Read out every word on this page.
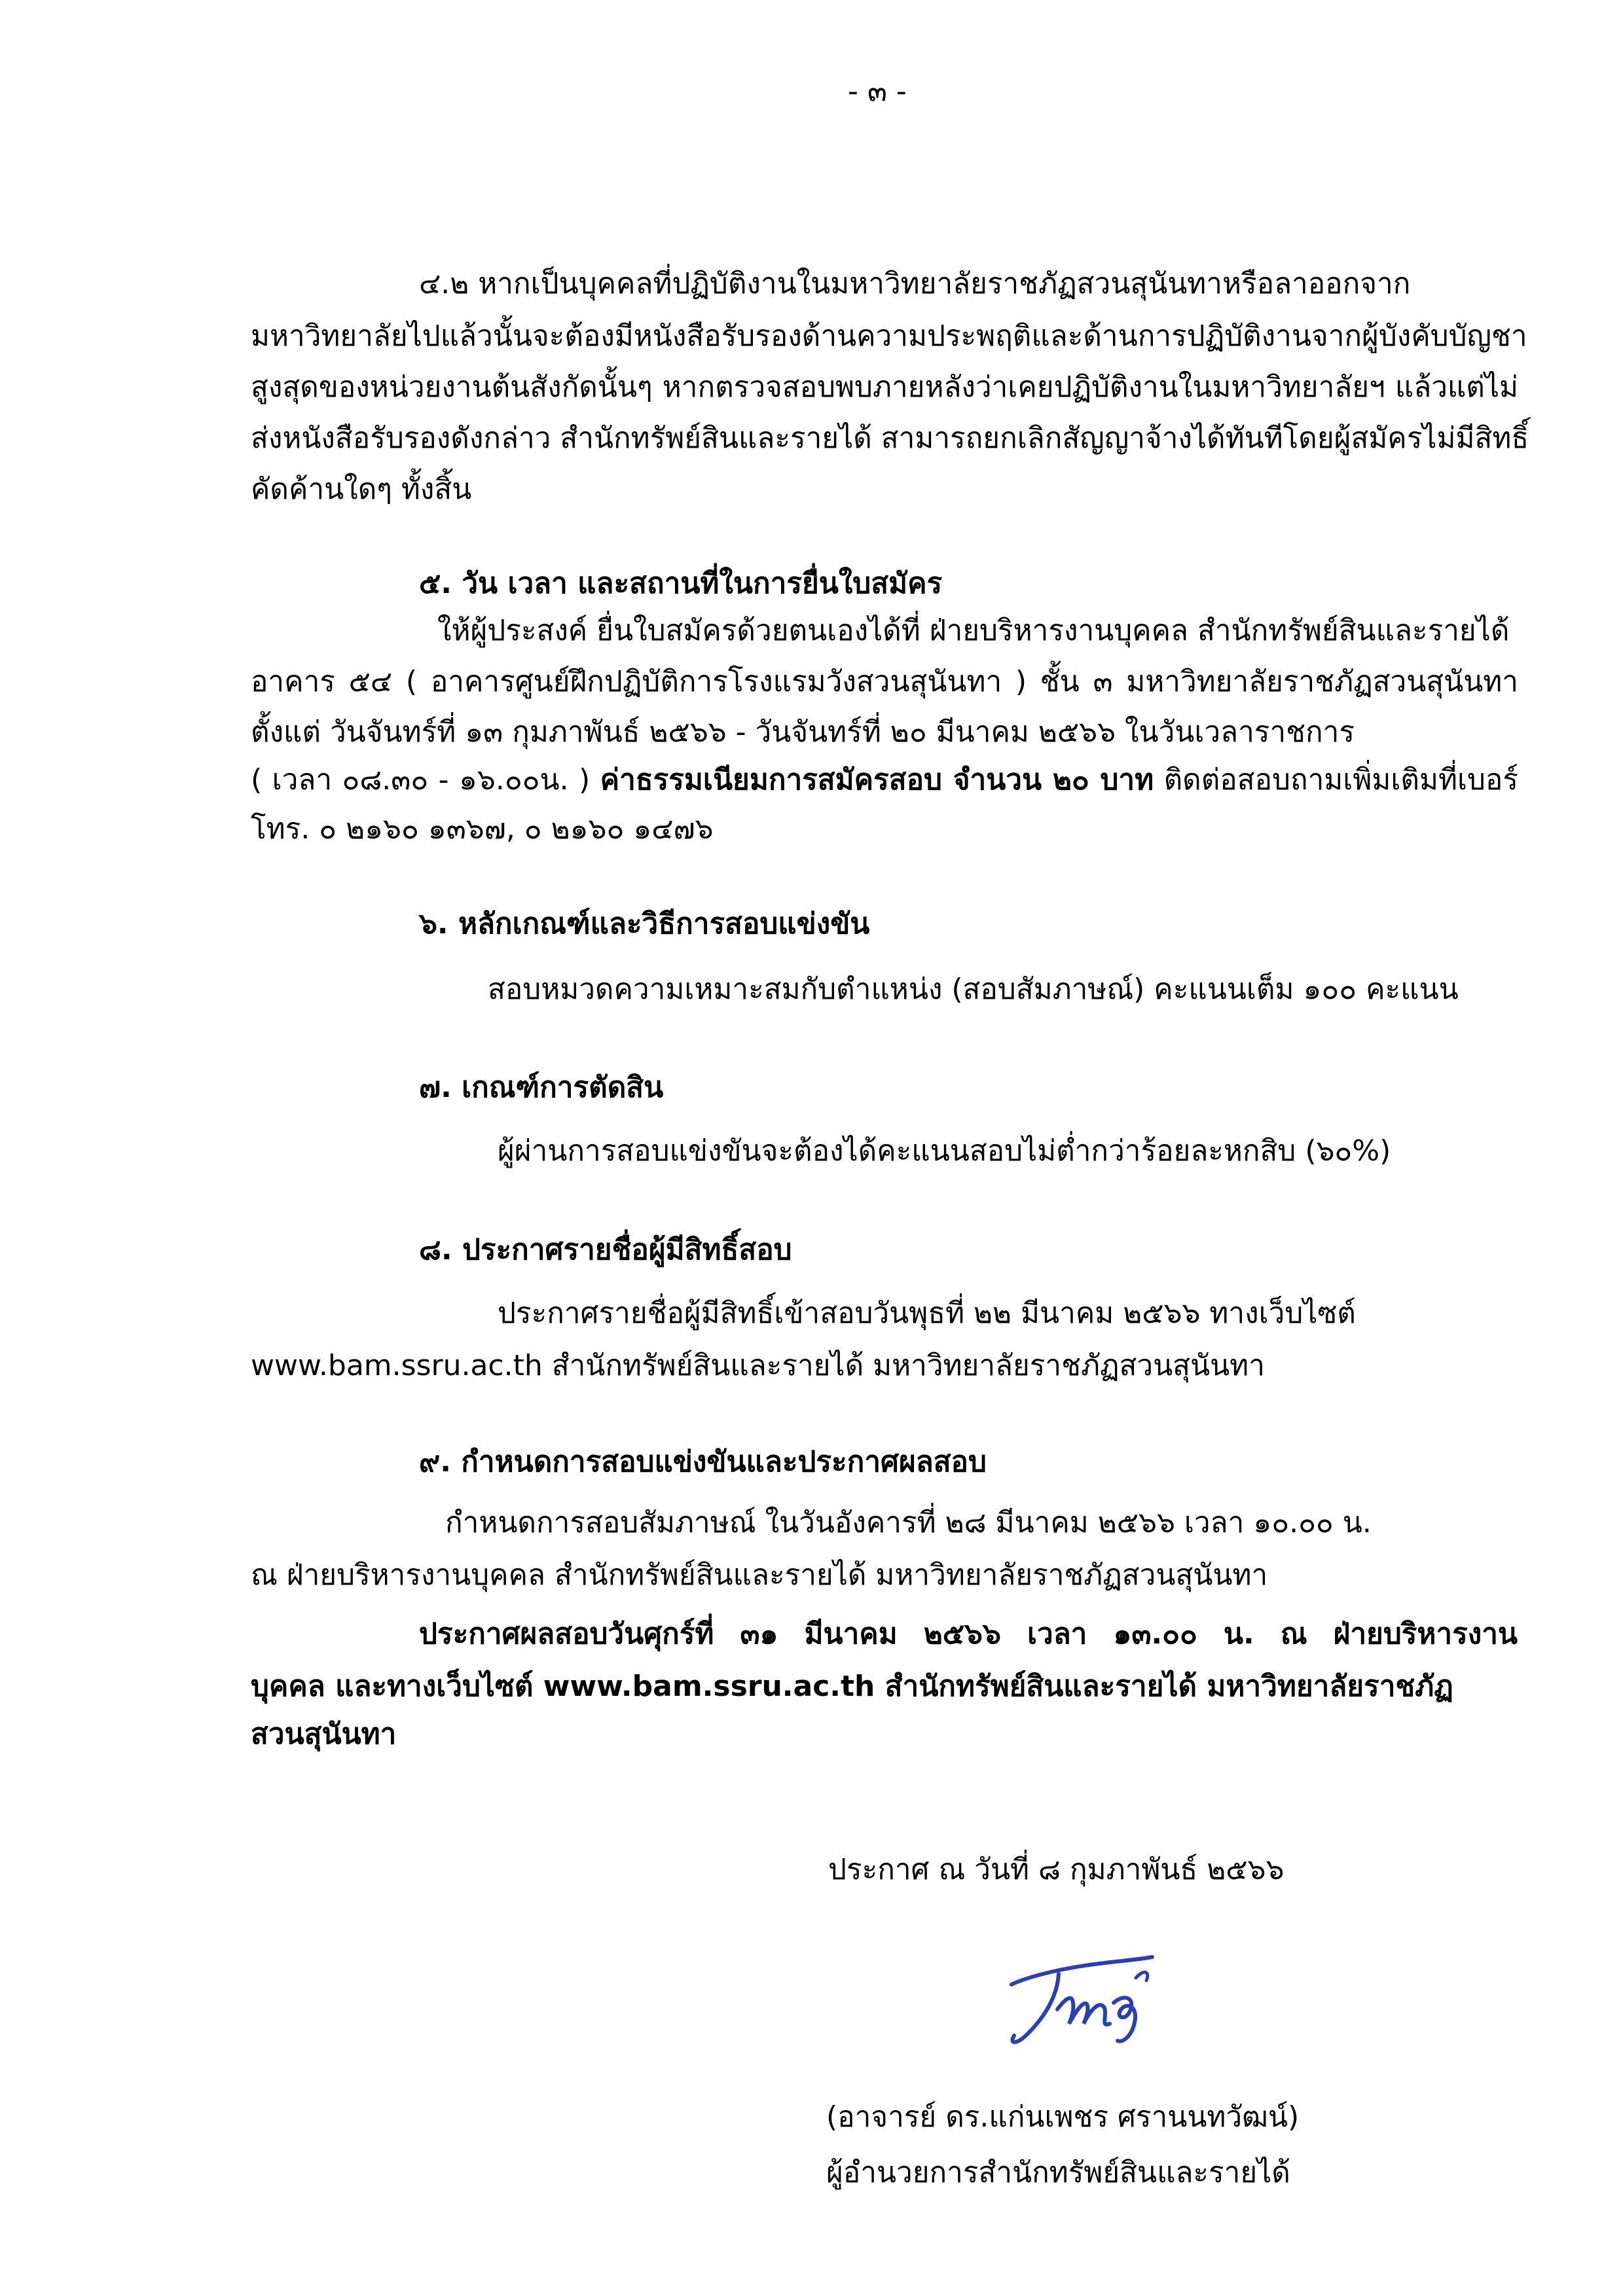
- ๓ -

๔.๒ หากเป็นบุคคลที่ปฏิบัติงานในมหาวิทยาลัยราชภัฏสวนสุนันทาหรือลาออกจาก

มหาวิทยาลัยไปแล้วนั้นจะต้องมีหนังสือรับรองด้านความประพฤติและด้านการปฏิบัติงานจากผู้บังคับบัญชา

สูงสุดของหน่วยงานต้นสังกัดนั้นๆ หากตรวจสอบพบภายหลังว่าเคยปฏิบัติงานในมหาวิทยาลัยฯ แล้วแต่ไม่

ส่งหนังสือรับรองดังกล่าว สำนักทรัพย์สินและรายได้ สามารถยกเลิกสัญญาจ้างได้ทันทีโดยผู้สมัครไม่มีสิทธิ์

คัดค้านใดๆ ทั้งสิ้น

๕. วัน เวลา และสถานที่ในการยื่นใบสมัคร

ให้ผู้ประสงค์ ยื่นใบสมัครด้วยตนเองได้ที่ ฝ่ายบริหารงานบุคคล สำนักทรัพย์สินและรายได้

อาคาร ๕๔ ( อาคารศูนย์ฝึกปฏิบัติการโรงแรมวังสวนสุนันทา ) ชั้น ๓ มหาวิทยาลัยราชภัฏสวนสุนันทา

ตั้งแต่ วันจันทร์ที่ ๑๓ กุมภาพันธ์ ๒๕๖๖ - วันจันทร์ที่ ๒๐ มีนาคม ๒๕๖๖ ในวันเวลาราชการ

( เวลา ๐๘.๓๐ - ๑๖.๐๐น. ) ค่าธรรมเนียมการสมัครสอบ จำนวน ๒๐ บาท ติดต่อสอบถามเพิ่มเติมที่เบอร์

โทร. ๐ ๒๑๖๐ ๑๓๖๗, ๐ ๒๑๖๐ ๑๔๗๖

๖. หลักเกณฑ์และวิธีการสอบแข่งขัน

สอบหมวดความเหมาะสมกับตำแหน่ง (สอบสัมภาษณ์) คะแนนเต็ม ๑๐๐ คะแนน

๗. เกณฑ์การตัดสิน

ผู้ผ่านการสอบแข่งขันจะต้องได้คะแนนสอบไม่ต่ำกว่าร้อยละหกสิบ (๖๐%)

๘. ประกาศรายชื่อผู้มีสิทธิ์สอบ

ประกาศรายชื่อผู้มีสิทธิ์เข้าสอบวันพุธที่ ๒๒ มีนาคม ๒๕๖๖ ทางเว็บไซต์

www.bam.ssru.ac.th สำนักทรัพย์สินและรายได้ มหาวิทยาลัยราชภัฏสวนสุนันทา

๙. กำหนดการสอบแข่งขันและประกาศผลสอบ

กำหนดการสอบสัมภาษณ์ ในวันอังคารที่ ๒๘ มีนาคม ๒๕๖๖ เวลา ๑๐.๐๐ น.

ณ ฝ่ายบริหารงานบุคคล สำนักทรัพย์สินและรายได้ มหาวิทยาลัยราชภัฏสวนสุนันทา

ประกาศผลสอบวันศุกร์ที่ ๓๑ มีนาคม ๒๕๖๖ เวลา ๑๓.๐๐ น. ณ ฝ่ายบริหารงาน

บุคคล และทางเว็บไซต์ www.bam.ssru.ac.th สำนักทรัพย์สินและรายได้ มหาวิทยาลัยราชภัฏ

สวนสุนันทา

ประกาศ ณ วันที่ ๘ กุมภาพันธ์ ๒๕๖๖

(อาจารย์ ดร.แก่นเพชร ศรานนทวัฒน์)

ผู้อำนวยการสำนักทรัพย์สินและรายได้
